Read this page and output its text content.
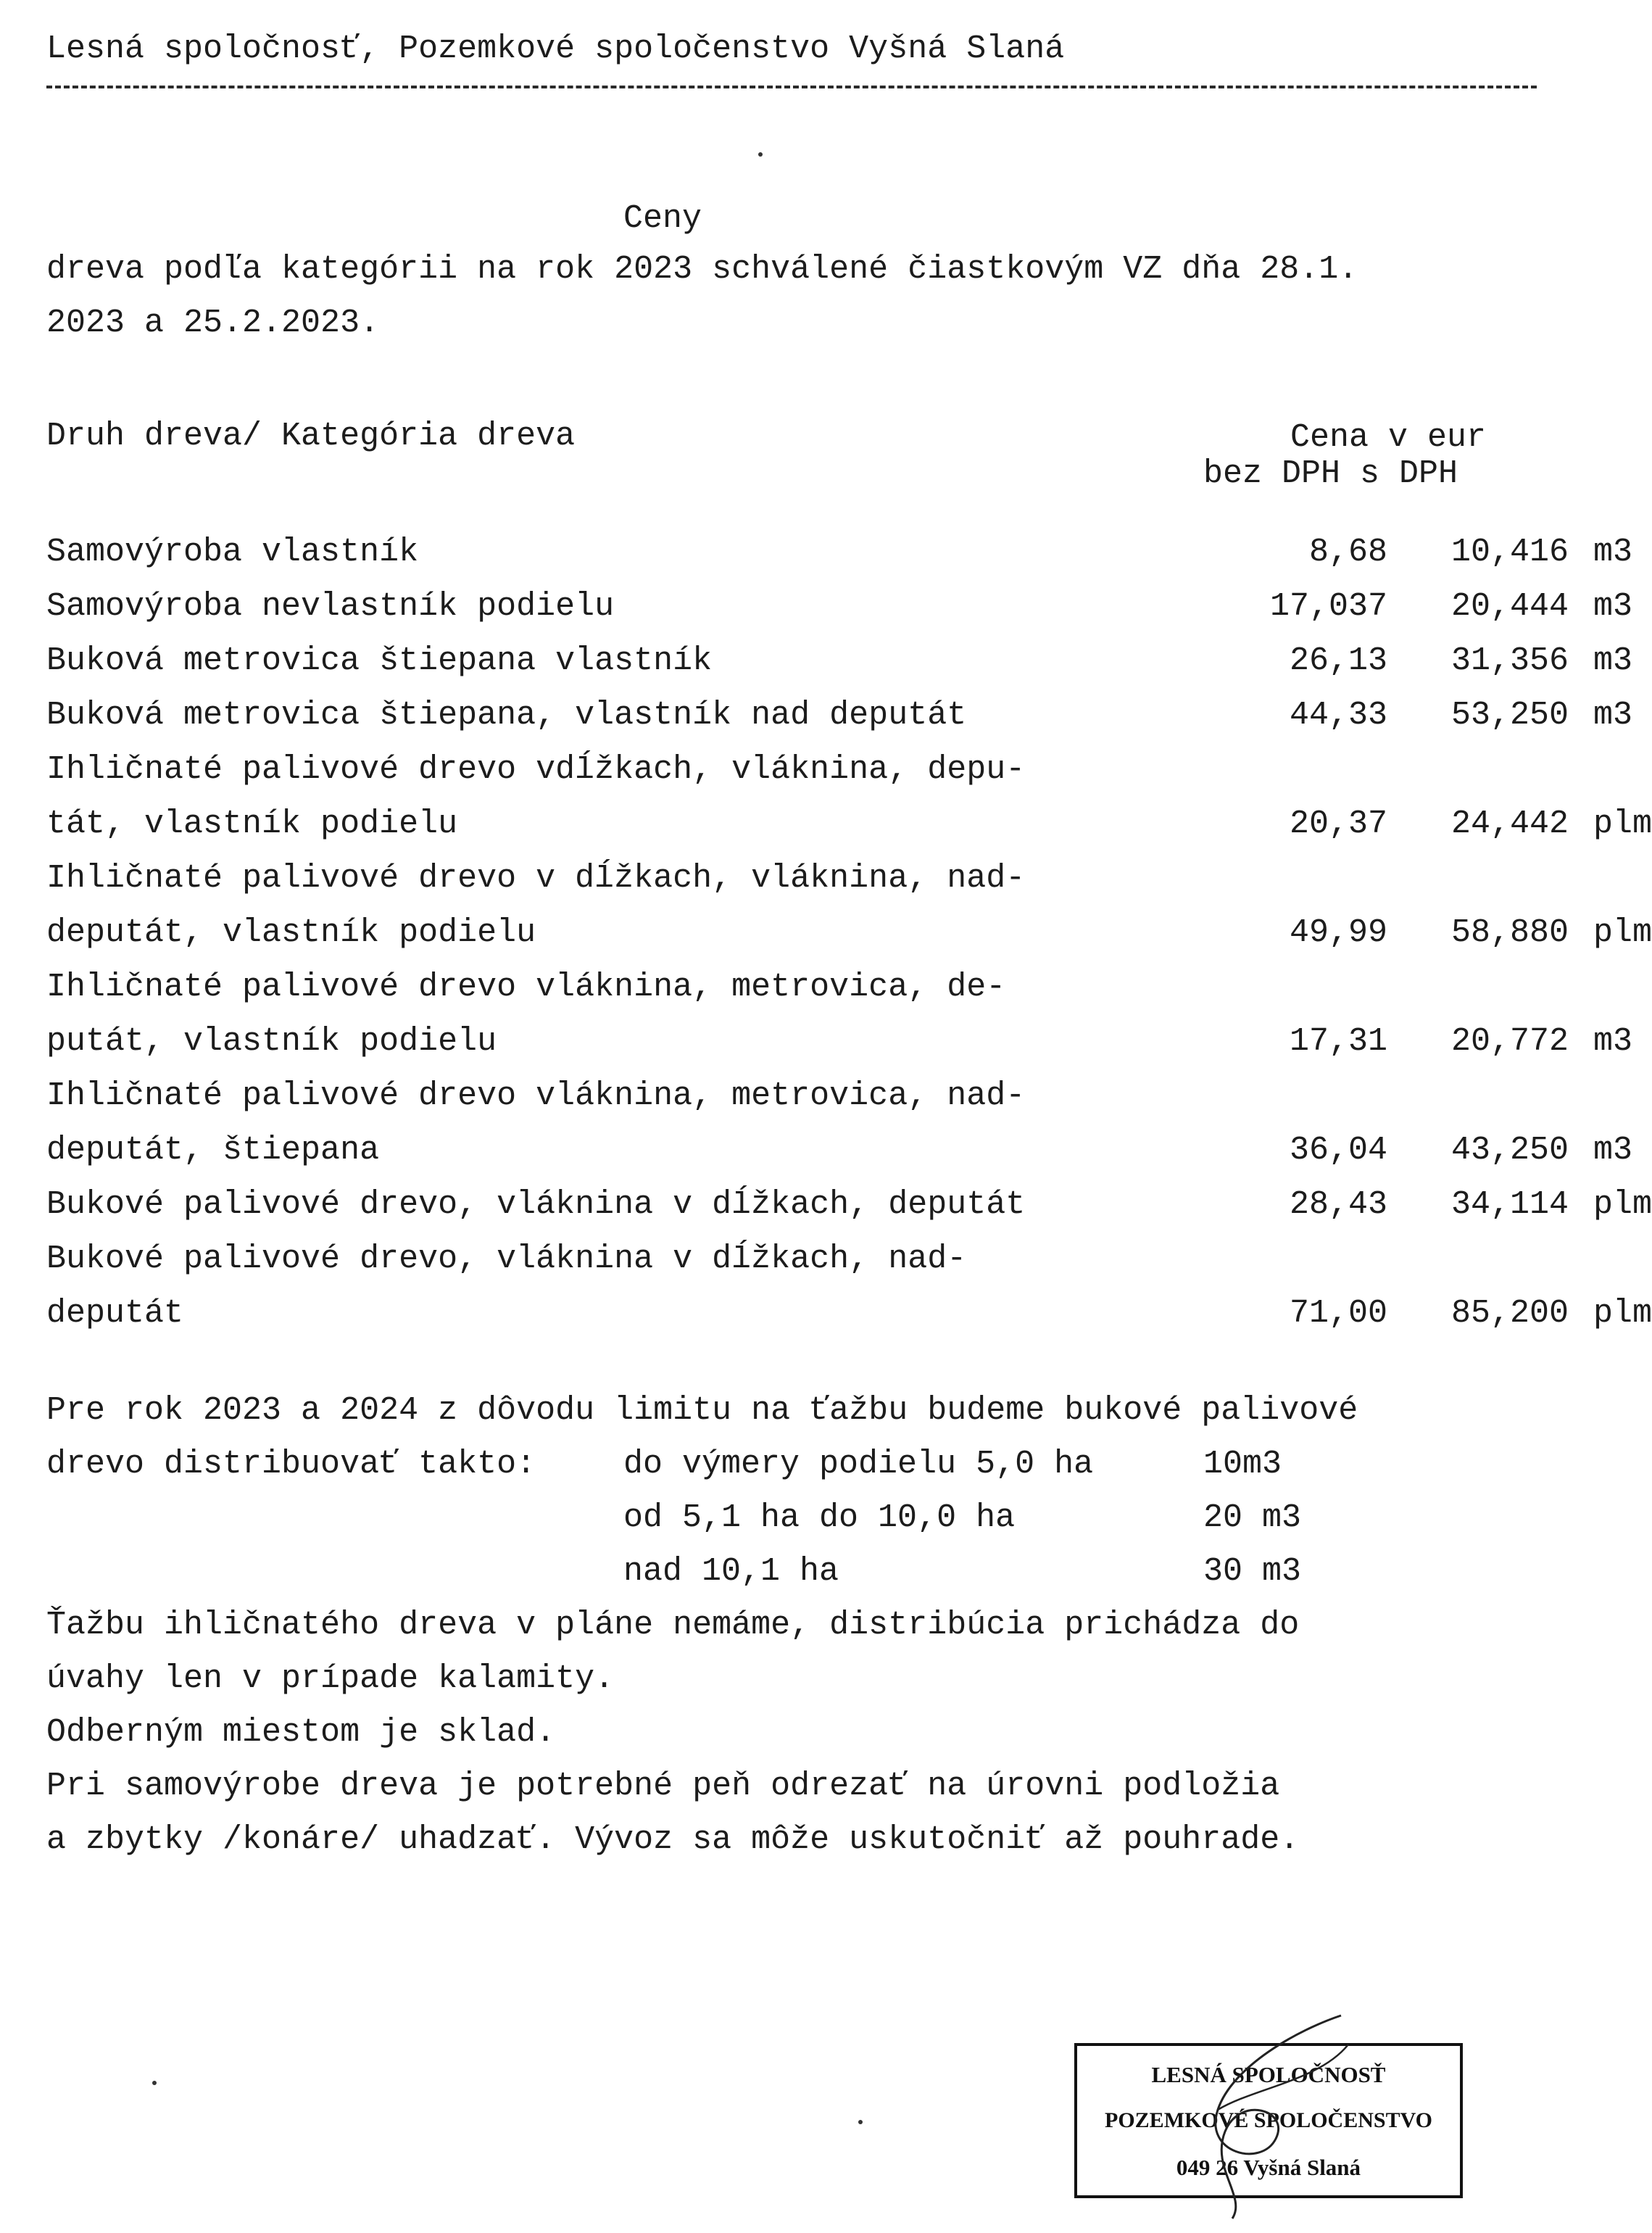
Lesná spoločnosť, Pozemkové spoločenstvo Vyšná Slaná
Ceny
dreva podľa kategórii na rok 2023 schválené čiastkovým VZ dňa 28.1.
2023 a 25.2.2023.
Druh dreva/ Kategória dreva	Cena v eur
bez DPH s DPH
Samovýroba vlastník	8,68	10,416 m3
Samovýroba nevlastník podielu	17,037	20,444 m3
Buková metrovica štiepana vlastník	26,13	31,356 m3
Buková metrovica štiepana, vlastník nad deputát	44,33	53,250 m3
Ihličnaté palivové drevo vdĺžkach, vláknina, depu-
tát, vlastník podielu	20,37	24,442 plm
Ihličnaté palivové drevo v dĺžkach, vláknina, nad-
deputát, vlastník podielu	49,99	58,880 plm
Ihličnaté palivové drevo vláknina, metrovica, de-
putát, vlastník podielu	17,31	20,772 m3
Ihličnaté palivové drevo vláknina, metrovica, nad-
deputát, štiepana	36,04	43,250 m3
Bukové palivové drevo, vláknina v dĺžkach, deputát	28,43	34,114 plm
Bukové palivové drevo, vláknina v dĺžkach, nad-
deputát	71,00	85,200 plm
Pre rok 2023 a 2024 z dôvodu limitu na ťažbu budeme bukové palivové
drevo distribuovať takto:	do výmery podielu 5,0 ha	10m3
od 5,1 ha do 10,0 ha	20 m3
nad 10,1 ha	30 m3
Ťažbu ihličnatého dreva v pláne nemáme, distribúcia prichádza do
úvahy len v prípade kalamity.
Odberným miestom je sklad.
Pri samovýrobe dreva je potrebné peň odrezať na úrovni podložia
a zbytky /konáre/ uhadzať. Vývoz sa môže uskutočniť až pouhrade.
LESNÁ SPOLOČNOSŤ
POZEMKOVÉ SPOLOČENSTVO
049 26 Vyšná Slaná
